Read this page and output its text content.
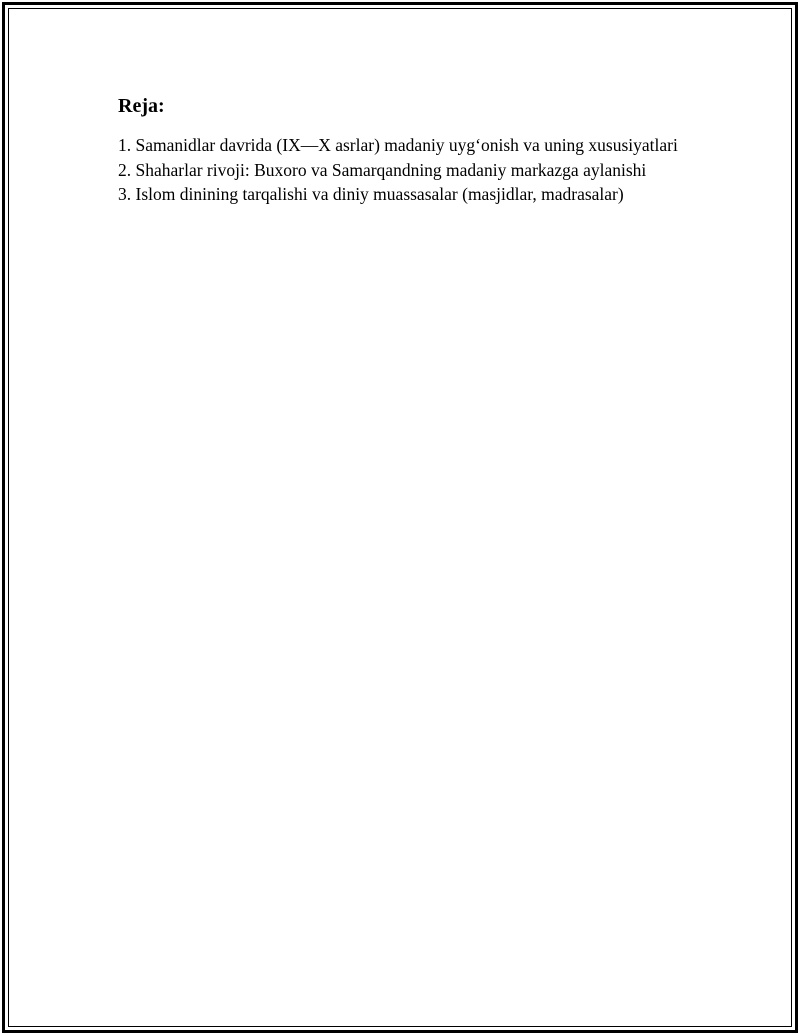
Reja:
1. Samanidlar davrida (IX—X asrlar) madaniy uyg‘onish va uning xususiyatlari
2. Shaharlar rivoji: Buxoro va Samarqandning madaniy markazga aylanishi
3. Islom dinining tarqalishi va diniy muassasalar (masjidlar, madrasalar)
